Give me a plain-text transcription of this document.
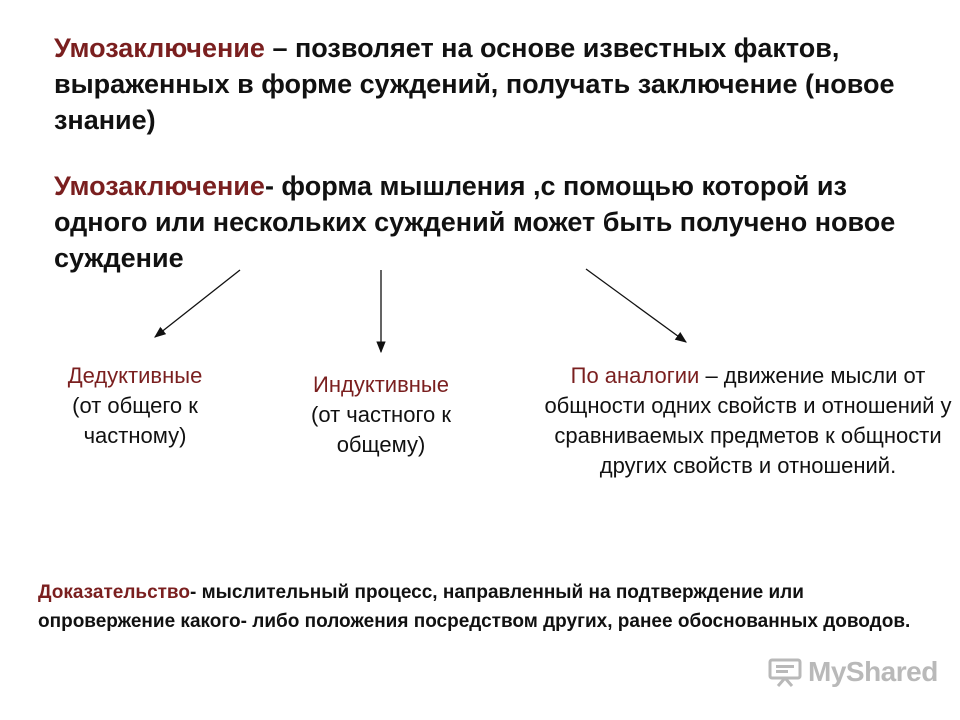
Умозаключение – позволяет на основе известных фактов, выраженных в форме суждений, получать заключение (новое знание)
Умозаключение- форма мышления ,с помощью которой из одного или нескольких суждений может быть получено новое суждение
Дедуктивные
(от общего к частному)
Индуктивные
(от частного к общему)
По аналогии – движение мысли от общности одних свойств и отношений у сравниваемых предметов к общности других свойств и отношений.
Доказательство- мыслительный процесс, направленный на подтверждение или опровержение какого- либо положения посредством других, ранее обоснованных доводов.
MyShared
